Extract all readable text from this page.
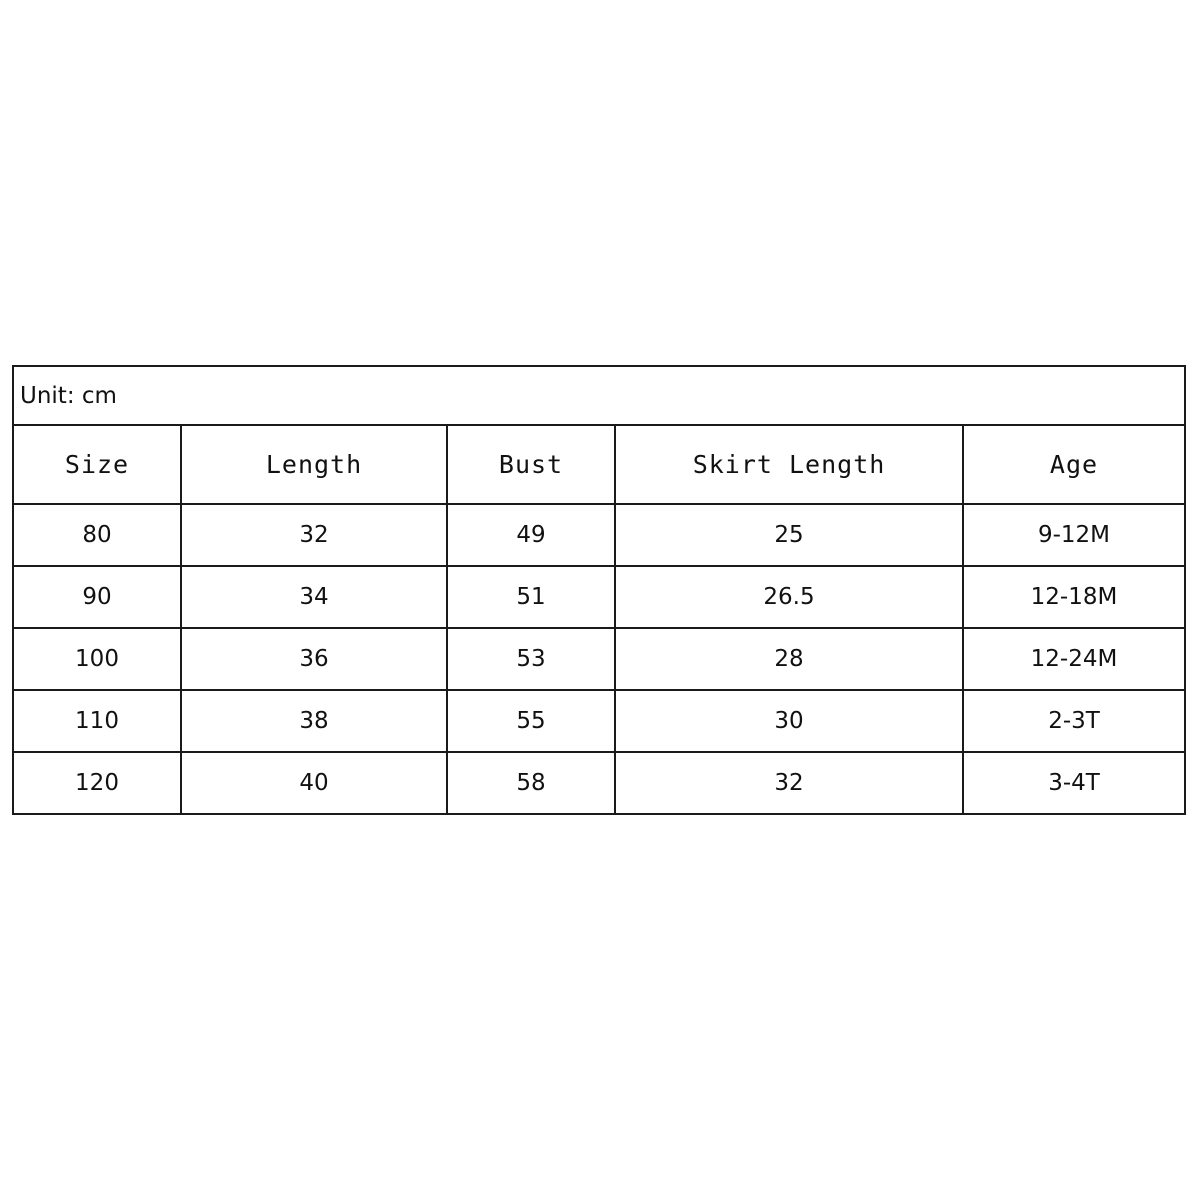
Unit: cm				
Size	Length	Bust	Skirt Length	Age
80	32	49	25	9-12M
90	34	51	26.5	12-18M
100	36	53	28	12-24M
110	38	55	30	2-3T
120	40	58	32	3-4T
